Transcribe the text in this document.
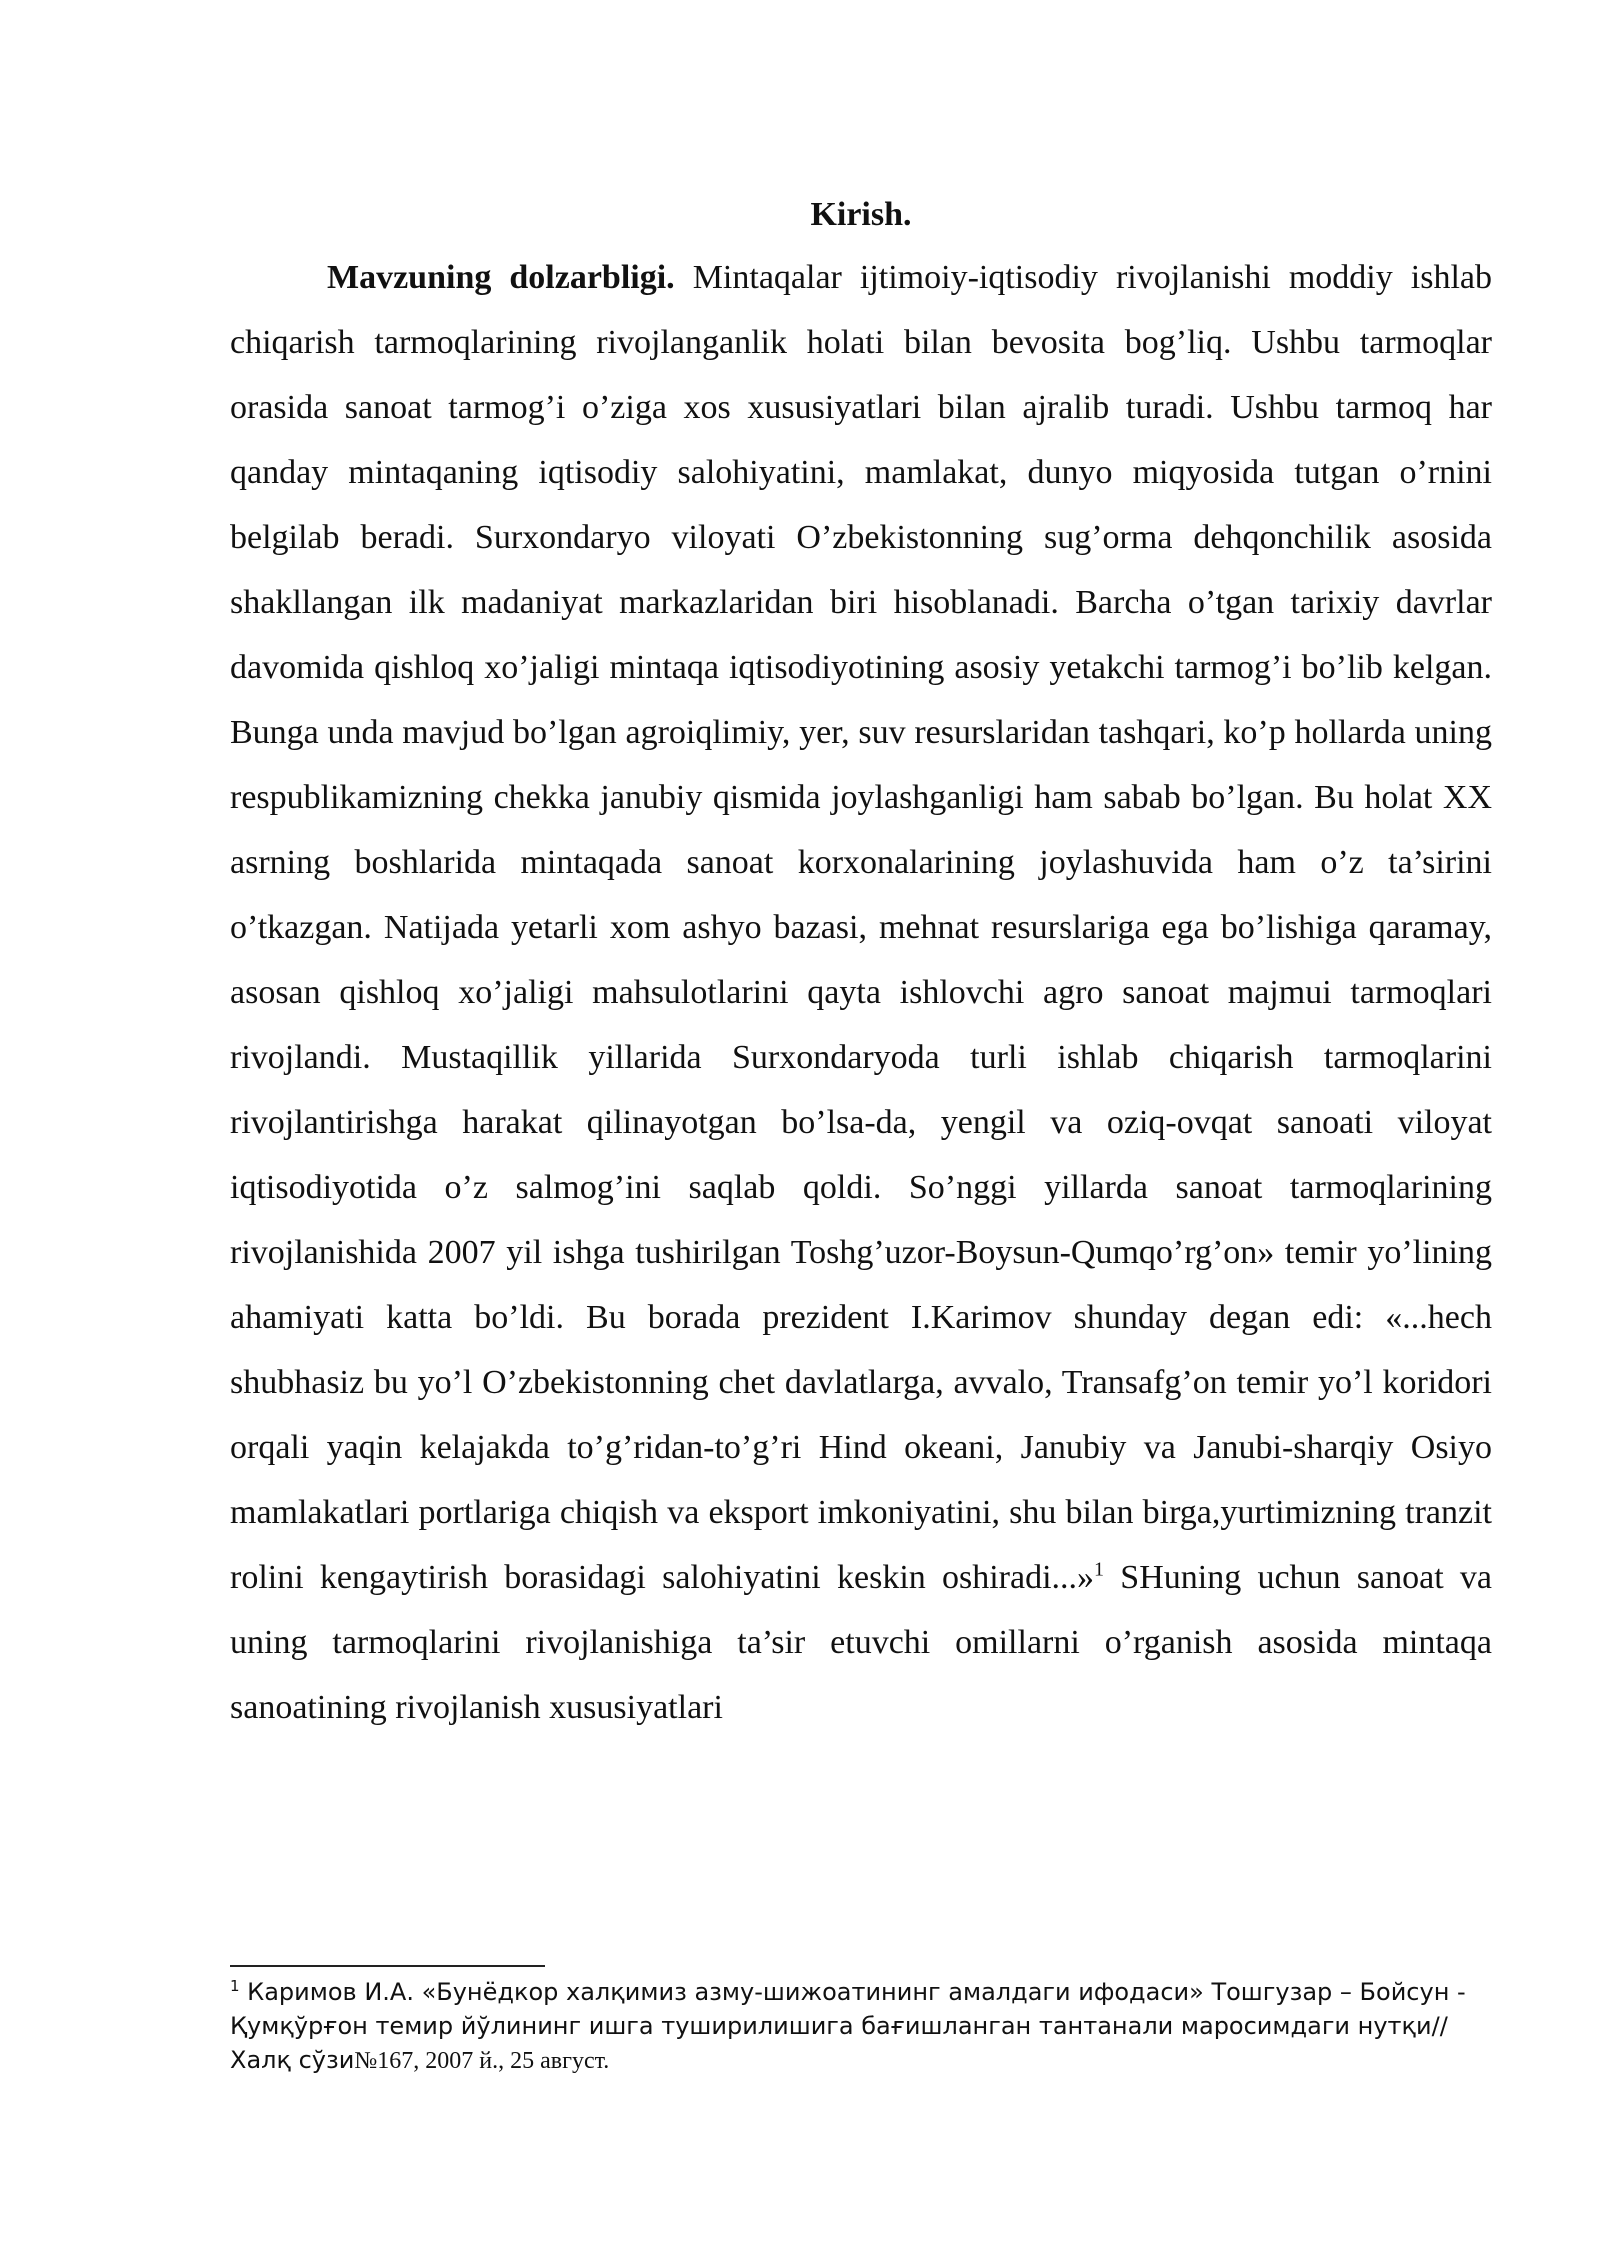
Kirish.

Mavzuning dolzarbligi. Mintaqalar ijtimoiy-iqtisodiy rivojlanishi moddiy ishlab chiqarish tarmoqlarining rivojlanganlik holati bilan bevosita bog’liq. Ushbu tarmoqlar orasida sanoat tarmog’i o’ziga xos xususiyatlari bilan ajralib turadi. Ushbu tarmoq har qanday mintaqaning iqtisodiy salohiyatini, mamlakat, dunyo miqyosida tutgan o’rnini belgilab beradi. Surxondaryo viloyati O’zbekistonning sug’orma dehqonchilik asosida shakllangan ilk madaniyat markazlaridan biri hisoblanadi. Barcha o’tgan tarixiy davrlar davomida qishloq xo’jaligi mintaqa iqtisodiyotining asosiy yetakchi tarmog’i bo’lib kelgan. Bunga unda mavjud bo’lgan agroiqlimiy, yer, suv resurslaridan tashqari, ko’p hollarda uning respublikamizning chekka janubiy qismida joylashganligi ham sabab bo’lgan. Bu holat XX asrning boshlarida mintaqada sanoat korxonalarining joylashuvida ham o’z ta’sirini o’tkazgan. Natijada yetarli xom ashyo bazasi, mehnat resurslariga ega bo’lishiga qaramay, asosan qishloq xo’jaligi mahsulotlarini qayta ishlovchi agro sanoat majmui tarmoqlari rivojlandi. Mustaqillik yillarida Surxondaryoda turli ishlab chiqarish tarmoqlarini rivojlantirishga harakat qilinayotgan bo’lsa-da, yengil va oziq-ovqat sanoati viloyat iqtisodiyotida o’z salmog’ini saqlab qoldi. So’nggi yillarda sanoat tarmoqlarining rivojlanishida 2007 yil ishga tushirilgan Toshg’uzor-Boysun-Qumqo’rg’on» temir yo’lining ahamiyati katta bo’ldi. Bu borada prezident I.Karimov shunday degan edi: «...hech shubhasiz bu yo’l O’zbekistonning chet davlatlarga, avvalo, Transafg’on temir yo’l koridori orqali yaqin kelajakda to’g’ridan-to’g’ri Hind okeani, Janubiy va Janubi-sharqiy Osiyo mamlakatlari portlariga chiqish va eksport imkoniyatini, shu bilan birga,yurtimizning tranzit rolini kengaytirish borasidagi salohiyatini keskin oshiradi...»$^1$ SHuning uchun sanoat va uning tarmoqlarini rivojlanishiga ta’sir etuvchi omillarni o’rganish asosida mintaqa sanoatining rivojlanish xususiyatlari

$^1$ Каримов И.А. «Бунёдкор халқимиз азму-шижоатининг амалдаги ифодаси» Тошгузар – Бойсун - Қумқўрғон темир йўлининг ишга туширилишига бағишланган тантанали маросимдаги нутқи// Халқ сўзи№167, 2007 й., 25 август.
